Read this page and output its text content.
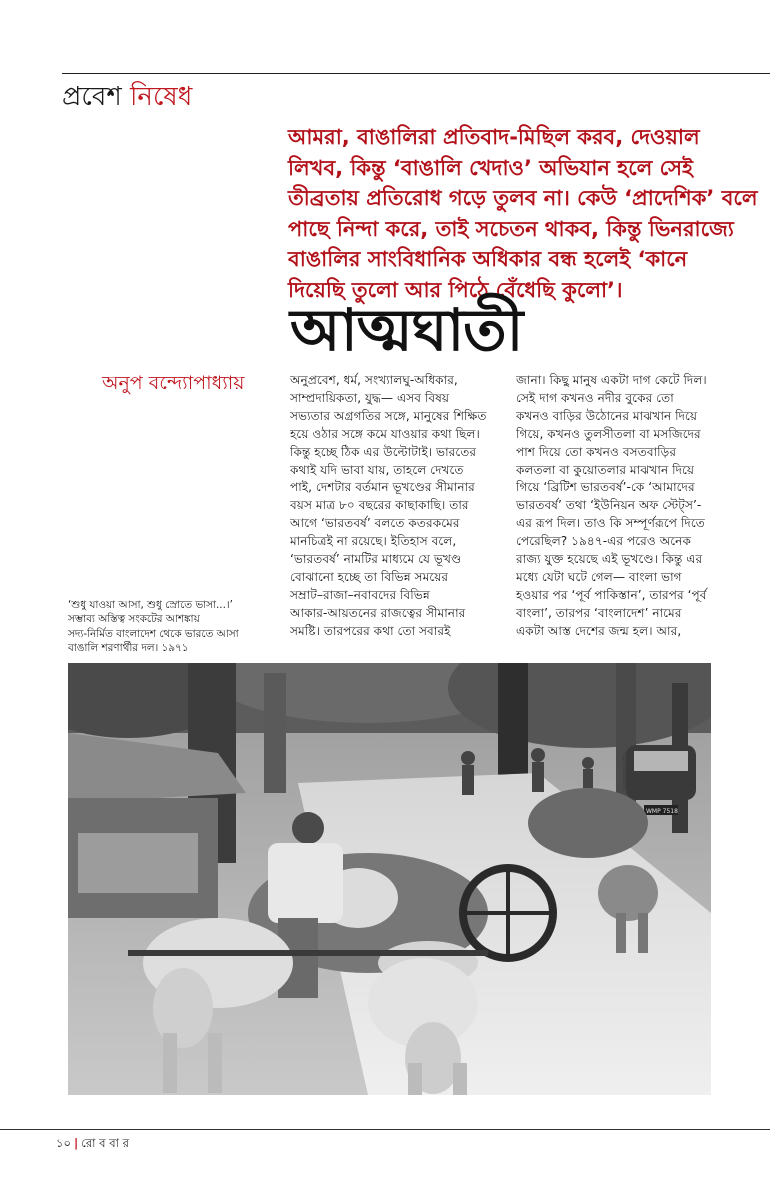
প্রবেশ নিষেধ
আমরা, বাঙালিরা প্রতিবাদ-মিছিল করব, দেওয়াল
লিখব, কিন্তু ‘বাঙালি খেদাও’ অভিযান হলে সেই
তীব্রতায় প্রতিরোধ গড়ে তুলব না। কেউ ‘প্রাদেশিক’ বলে
পাছে নিন্দা করে, তাই সচেতন থাকব, কিন্তু ভিনরাজ্যে
বাঙালির সাংবিধানিক অধিকার বন্ধ হলেই ‘কানে
দিয়েছি তুলো আর পিঠে বেঁধেছি কুলো’।
আত্মঘাতী
অনুপ বন্দ্যোপাধ্যায়	অনুপ্রবেশ, ধর্ম, সংখ্যালঘু-অধিকার,
সাম্প্রদায়িকতা, যুদ্ধ— এসব বিষয়
সভ্যতার অগ্রগতির সঙ্গে, মানুষের শিক্ষিত
হয়ে ওঠার সঙ্গে কমে যাওয়ার কথা ছিল।
কিন্তু হচ্ছে ঠিক এর উল্টোটাই। ভারতের
কথাই যদি ভাবা যায়, তাহলে দেখতে
পাই, দেশটার বর্তমান ভূখণ্ডের সীমানার
বয়স মাত্র ৮০ বছরের কাছাকাছি। তার
আগে ‘ভারতবর্ষ’ বলতে কতরকমের
মানচিত্রই না রয়েছে। ইতিহাস বলে,
‘ভারতবর্ষ’ নামটির মাধ্যমে যে ভূখণ্ড
বোঝানো হচ্ছে তা বিভিন্ন সময়ের
সম্রাট–রাজা–নবাবদের বিভিন্ন
আকার-আয়তনের রাজত্বের সীমানার
সমষ্টি। তারপরের কথা তো সবারই
জানা। কিছু মানুষ একটা দাগ কেটে দিল।
সেই দাগ কখনও নদীর বুকের তো
কখনও বাড়ির উঠোনের মাঝখান দিয়ে
গিয়ে, কখনও তুলসীতলা বা মসজিদের
পাশ দিয়ে তো কখনও বসতবাড়ির
কলতলা বা কুয়োতলার মাঝখান দিয়ে
গিয়ে ‘ব্রিটিশ ভারতবর্ষ’-কে ‘আমাদের
ভারতবর্ষ’ তথা ‘ইউনিয়ন অফ স্টেট্স’-
এর রূপ দিল। তাও কি সম্পূর্ণরূপে দিতে
পেরেছিল? ১৯৪৭-এর পরেও অনেক
রাজ্য যুক্ত হয়েছে এই ভূখণ্ডে। কিন্তু এর
মধ্যে যেটা ঘটে গেল— বাংলা ভাগ
হওয়ার পর ‘পূর্ব পাকিস্তান’, তারপর ‘পূর্ব
বাংলা’, তারপর ‘বাংলাদেশ’ নামের
একটা আস্ত দেশের জন্ম হল। আর,
‘শুধু যাওয়া আসা, শুধু স্রোতে ভাসা...।’
সম্ভাব্য অস্তিত্ব সংকটের আশঙ্কায়
সদ্য-নির্মিত বাংলাদেশ থেকে ভারতে আসা
বাঙালি শরণার্থীর দল। ১৯৭১
WMP 7518
১০ | রো ব বা র
